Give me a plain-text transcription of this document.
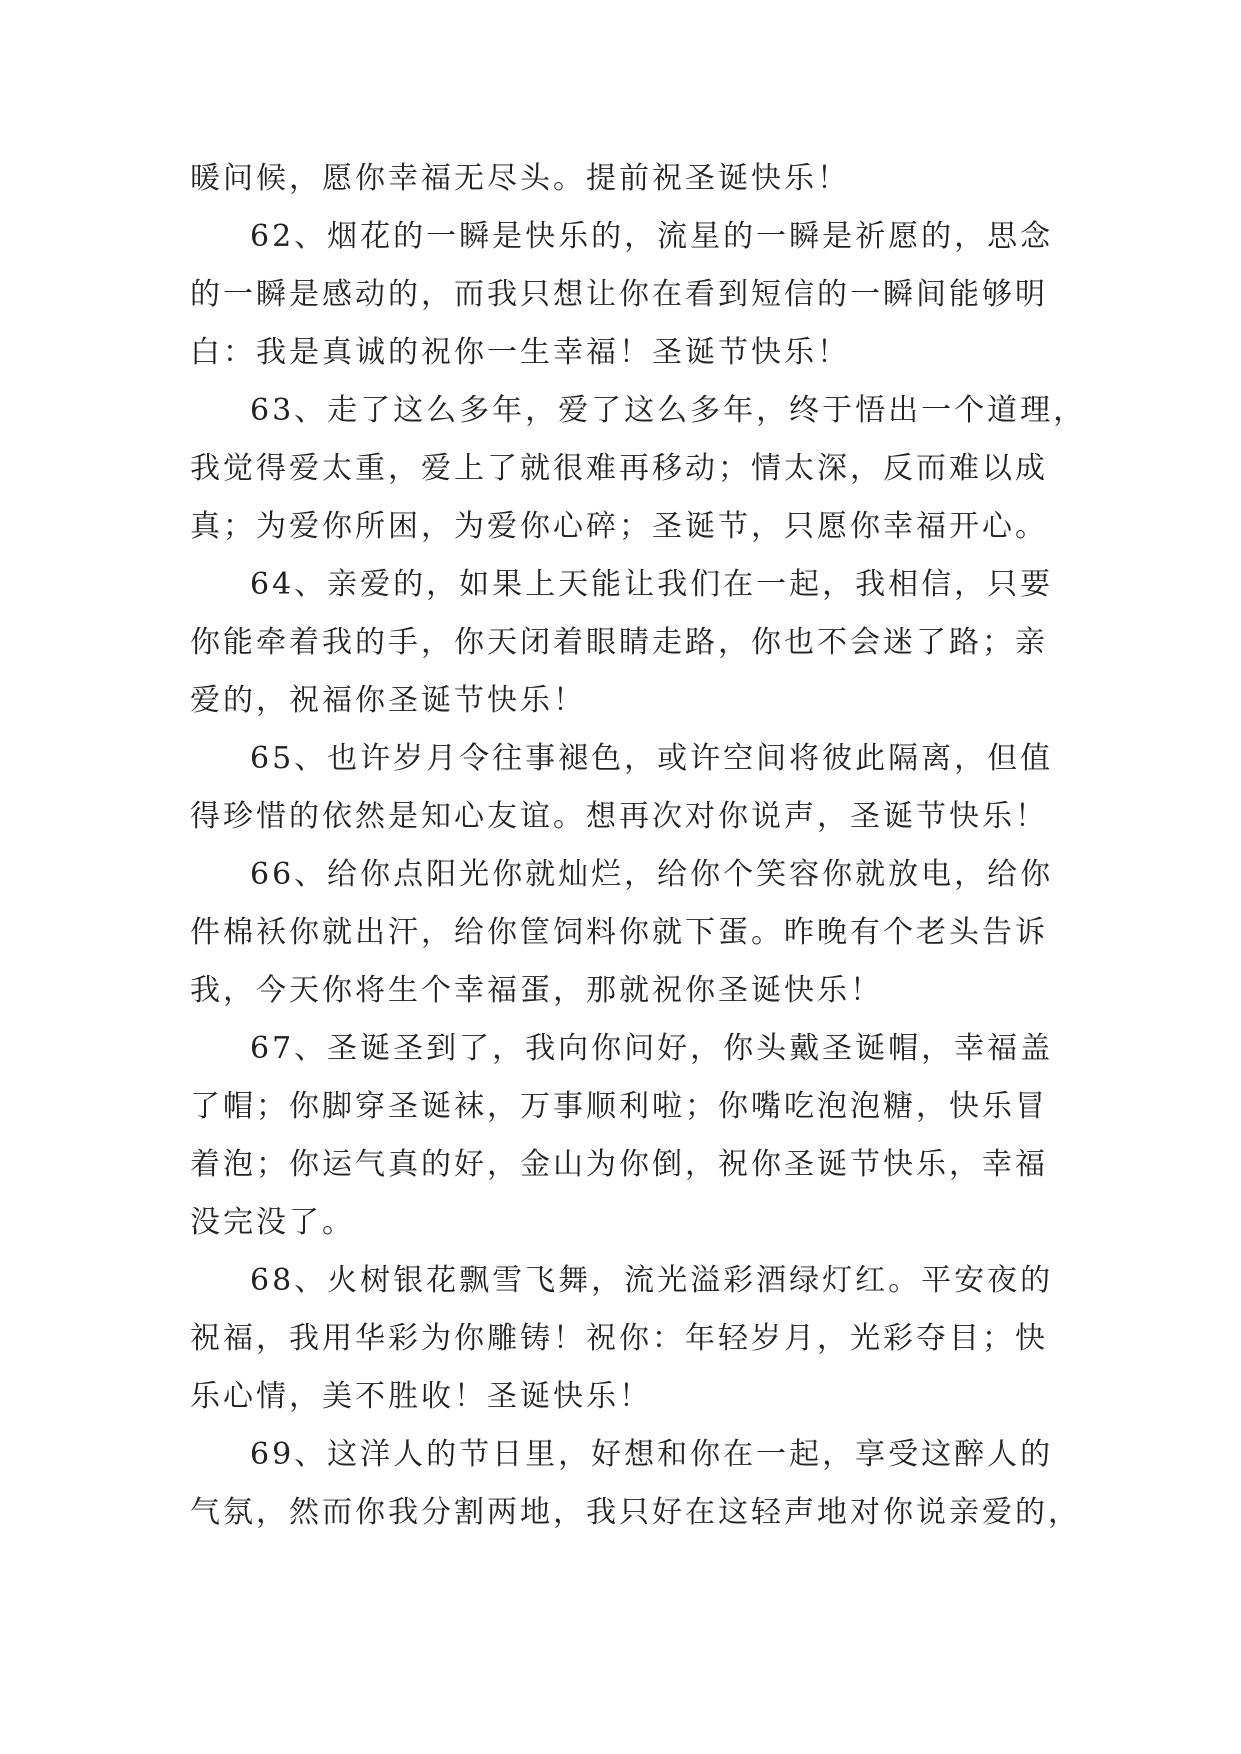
暖问候，愿你幸福无尽头。提前祝圣诞快乐！
62、烟花的一瞬是快乐的，流星的一瞬是祈愿的，思念
的一瞬是感动的，而我只想让你在看到短信的一瞬间能够明
白：我是真诚的祝你一生幸福！圣诞节快乐！
63、走了这么多年，爱了这么多年，终于悟出一个道理，
我觉得爱太重，爱上了就很难再移动；情太深，反而难以成
真；为爱你所困，为爱你心碎；圣诞节，只愿你幸福开心。
64、亲爱的，如果上天能让我们在一起，我相信，只要
你能牵着我的手，你天闭着眼睛走路，你也不会迷了路；亲
爱的，祝福你圣诞节快乐！
65、也许岁月令往事褪色，或许空间将彼此隔离，但值
得珍惜的依然是知心友谊。想再次对你说声，圣诞节快乐！
66、给你点阳光你就灿烂，给你个笑容你就放电，给你
件棉袄你就出汗，给你筐饲料你就下蛋。昨晚有个老头告诉
我，今天你将生个幸福蛋，那就祝你圣诞快乐！
67、圣诞圣到了，我向你问好，你头戴圣诞帽，幸福盖
了帽；你脚穿圣诞袜，万事顺利啦；你嘴吃泡泡糖，快乐冒
着泡；你运气真的好，金山为你倒，祝你圣诞节快乐，幸福
没完没了。
68、火树银花飘雪飞舞，流光溢彩酒绿灯红。平安夜的
祝福，我用华彩为你雕铸！祝你：年轻岁月，光彩夺目；快
乐心情，美不胜收！圣诞快乐！
69、这洋人的节日里，好想和你在一起，享受这醉人的
气氛，然而你我分割两地，我只好在这轻声地对你说亲爱的，
